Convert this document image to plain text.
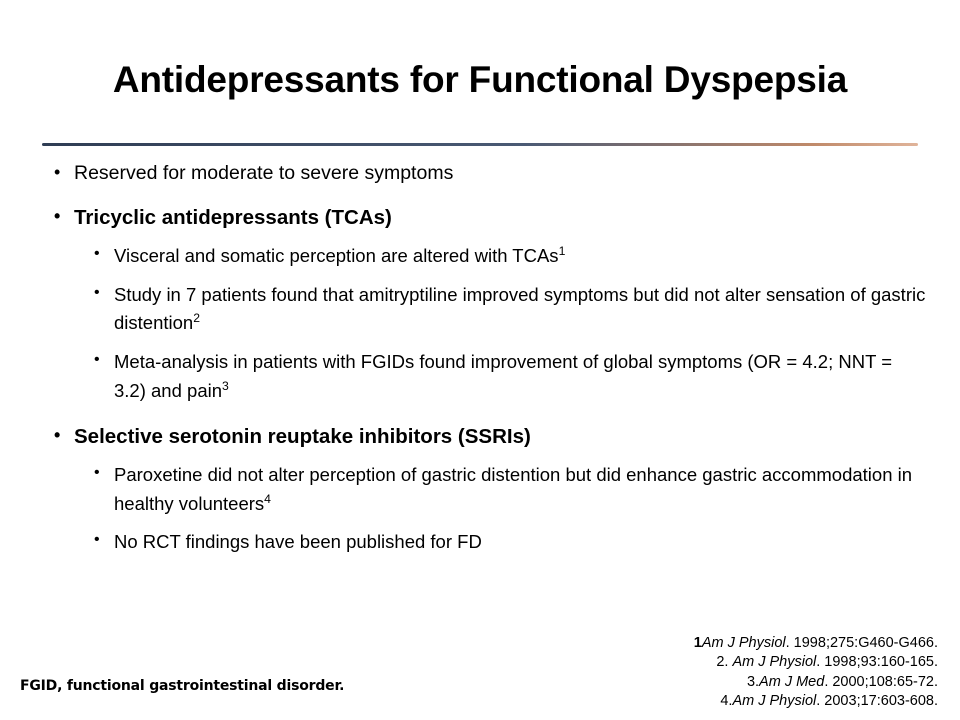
Antidepressants for Functional Dyspepsia
• Reserved for moderate to severe symptoms
• Tricyclic antidepressants (TCAs)
• Visceral and somatic perception are altered with TCAs$^1$
• Study in 7 patients found that amitryptiline improved symptoms but did not alter sensation of gastric distention$^2$
• Meta-analysis in patients with FGIDs found improvement of global symptoms (OR = 4.2; NNT = 3.2) and pain$^3$
• Selective serotonin reuptake inhibitors (SSRIs)
• Paroxetine did not alter perception of gastric distention but did enhance gastric accommodation in healthy volunteers$^4$
• No RCT findings have been published for FD
1Am J Physiol. 1998;275:G460-G466.
2. Am J Physiol. 1998;93:160-165.
3.Am J Med. 2000;108:65-72.
4.Am J Physiol. 2003;17:603-608.
FGID, functional gastrointestinal disorder.
